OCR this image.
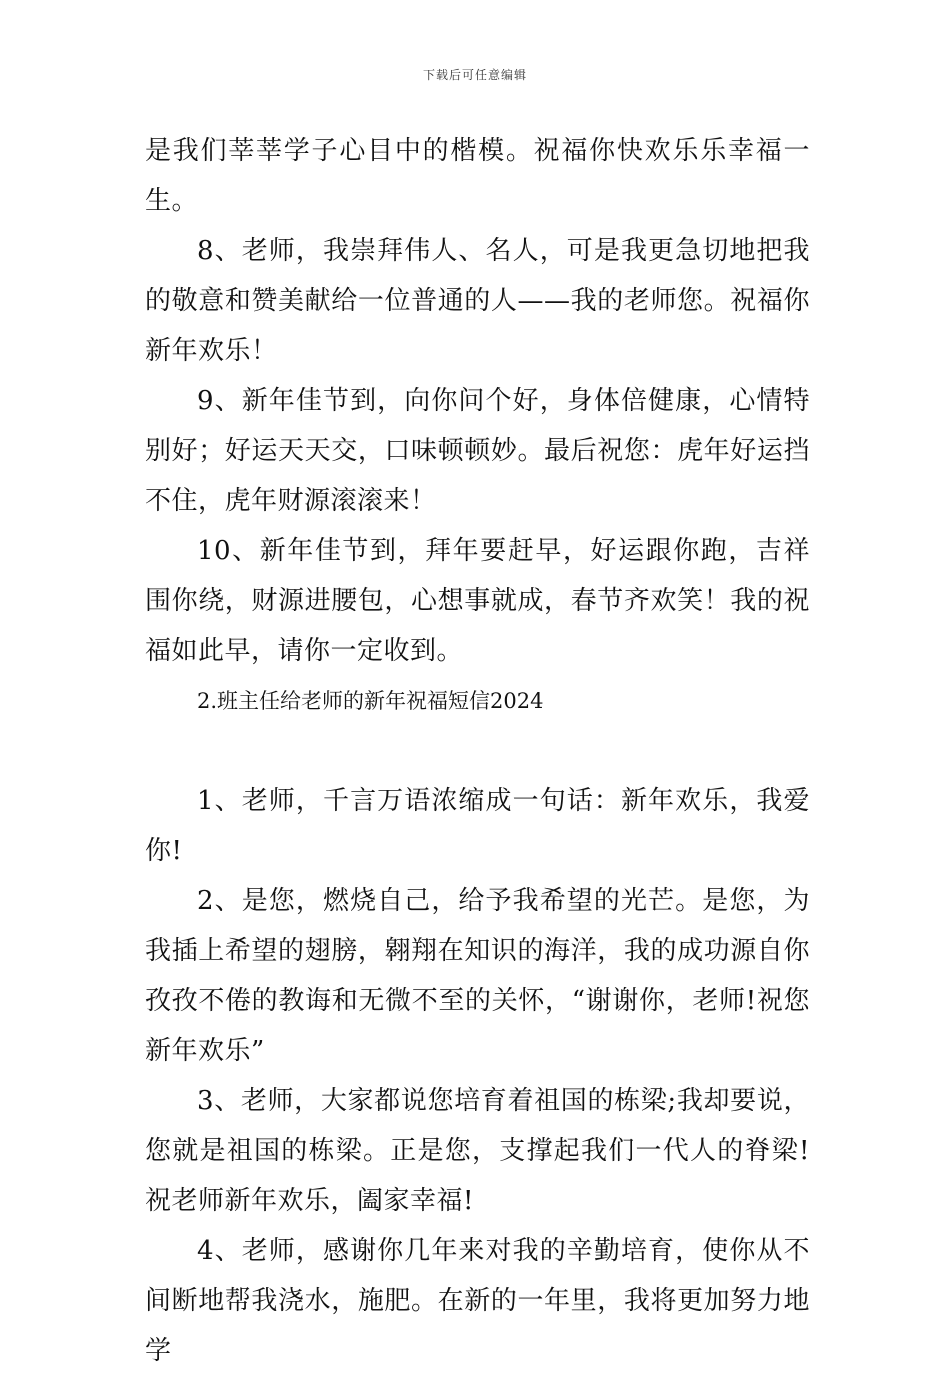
下载后可任意编辑

是我们莘莘学子心目中的楷模。祝福你快欢乐乐幸福一生。

8、老师，我崇拜伟人、名人，可是我更急切地把我的敬意和赞美献给一位普通的人——我的老师您。祝福你新年欢乐！

9、新年佳节到，向你问个好，身体倍健康，心情特别好；好运天天交，口味顿顿妙。最后祝您：虎年好运挡不住，虎年财源滚滚来！

10、新年佳节到，拜年要赶早，好运跟你跑，吉祥围你绕，财源进腰包，心想事就成，春节齐欢笑！我的祝福如此早，请你一定收到。

2.班主任给老师的新年祝福短信2024

1、老师，千言万语浓缩成一句话：新年欢乐，我爱你!

2、是您，燃烧自己，给予我希望的光芒。是您，为我插上希望的翅膀，翱翔在知识的海洋，我的成功源自你孜孜不倦的教诲和无微不至的关怀，“谢谢你，老师!祝您新年欢乐”

3、老师，大家都说您培育着祖国的栋梁;我却要说，您就是祖国的栋梁。正是您，支撑起我们一代人的脊梁!祝老师新年欢乐，阖家幸福!

4、老师，感谢你几年来对我的辛勤培育，使你从不间断地帮我浇水，施肥。在新的一年里，我将更加努力地学
